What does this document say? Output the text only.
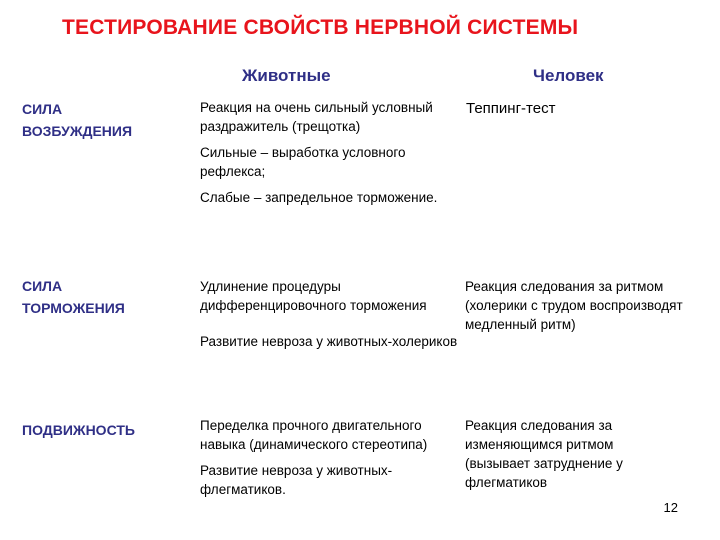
ТЕСТИРОВАНИЕ СВОЙСТВ НЕРВНОЙ СИСТЕМЫ
Животные	Человек
СИЛА
ВОЗБУЖДЕНИЯ

Реакция на очень сильный условный раздражитель (трещотка)

Сильные – выработка условного рефлекса;

Слабые – запредельное торможение.

Теппинг-тест

СИЛА
ТОРМОЖЕНИЯ

Удлинение процедуры дифференцировочного торможения

Развитие невроза у животных-холериков

Реакция следования за ритмом (холерики с трудом воспроизводят медленный ритм)

ПОДВИЖНОСТЬ	Переделка прочного двигательного навыка (динамического стереотипа)

Развитие невроза у животных-флегматиков.

Реакция следования за изменяющимся ритмом (вызывает затруднение у флегматиков

12
